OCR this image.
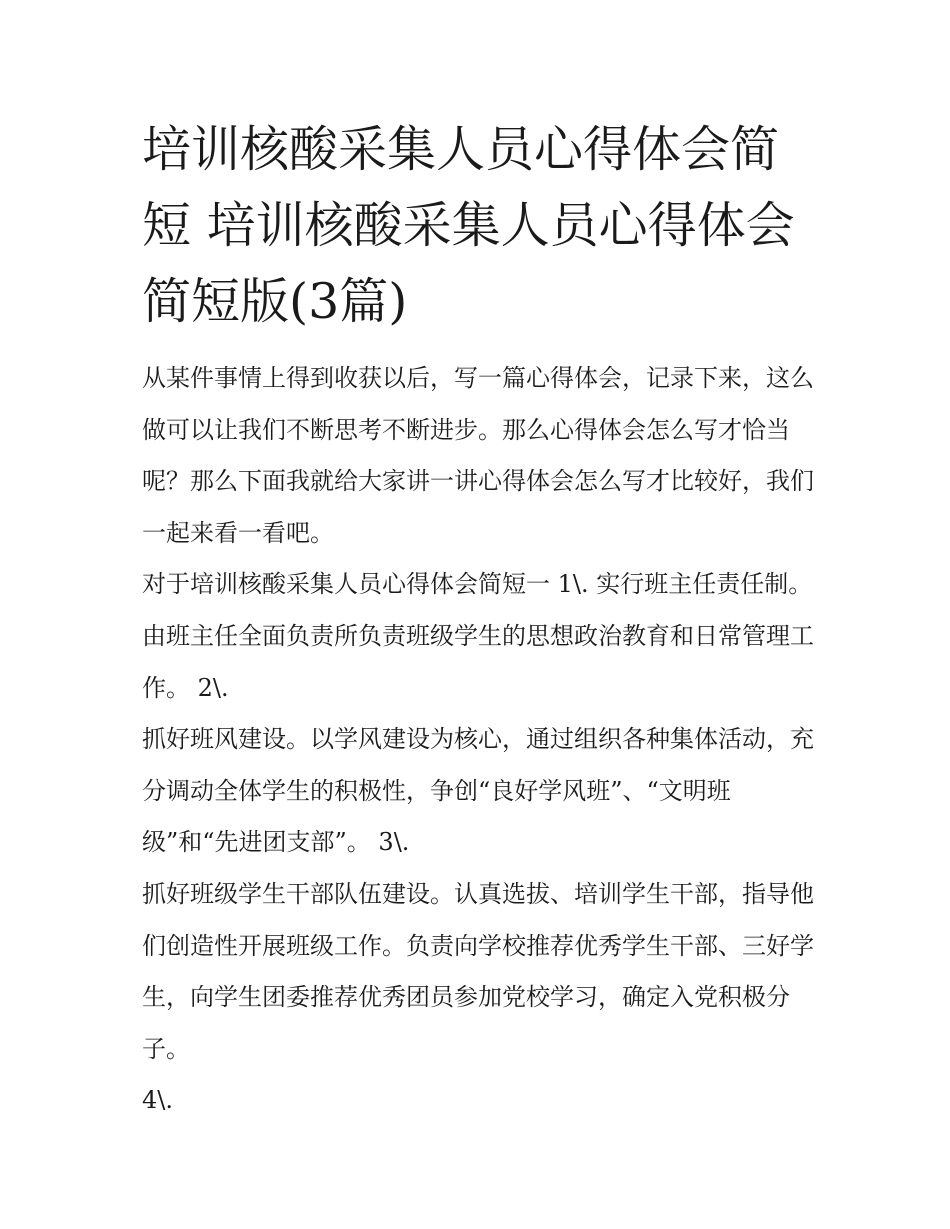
培训核酸采集人员心得体会简短 培训核酸采集人员心得体会简短版(3篇)

从某件事情上得到收获以后，写一篇心得体会，记录下来，这么做可以让我们不断思考不断进步。那么心得体会怎么写才恰当呢？那么下面我就给大家讲一讲心得体会怎么写才比较好，我们一起来看一看吧。

对于培训核酸采集人员心得体会简短一 1\. 实行班主任责任制。由班主任全面负责所负责班级学生的思想政治教育和日常管理工作。 2\.

抓好班风建设。以学风建设为核心，通过组织各种集体活动，充分调动全体学生的积极性，争创“良好学风班”、“文明班级”和“先进团支部”。 3\.

抓好班级学生干部队伍建设。认真选拔、培训学生干部，指导他们创造性开展班级工作。负责向学校推荐优秀学生干部、三好学生，向学生团委推荐优秀团员参加党校学习，确定入党积极分子。

4\.
